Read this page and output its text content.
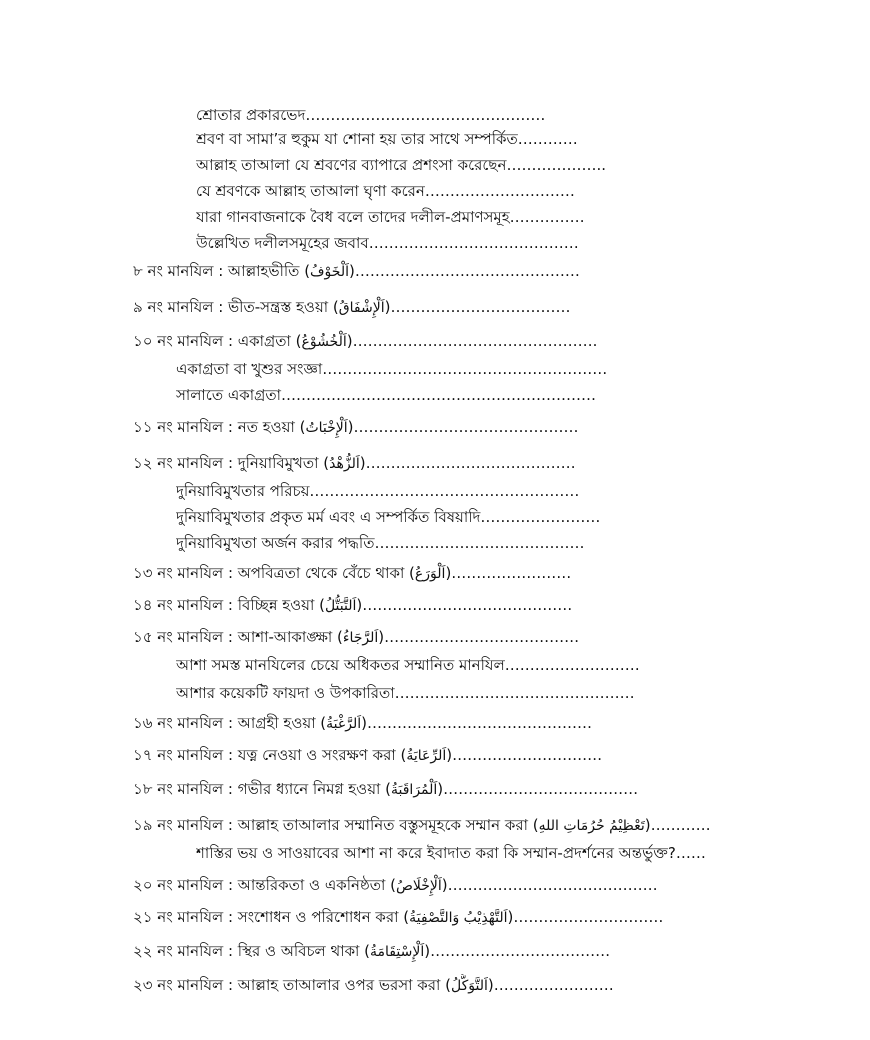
শ্রোতার প্রকারভেদ…………………………………………
শ্রবণ বা সামা’র হুকুম যা শোনা হয় তার সাথে সম্পর্কিত…………
আল্লাহ তাআলা যে শ্রবণের ব্যাপারে প্রশংসা করেছেন………………..
যে শ্রবণকে আল্লাহ তাআলা ঘৃণা করেন…………………………
যারা গানবাজনাকে বৈধ বলে তাদের দলীল-প্রমাণসমূহ……………
উল্লেখিত দলীলসমূহের জবাব……………………………………
৮ নং মানযিল : আল্লাহভীতি (اَلْخَوْفُ)………………………………………
৯ নং মানযিল : ভীত-সন্ত্রস্ত হওয়া (اَلْإِشْفَاقُ)………………………………
১০ নং মানযিল : একাগ্রতা (اَلْخُشُوْعُ)………………………………………….
একাগ্রতা বা খুশুর সংজ্ঞা…………………………………………………
সালাতে একাগ্রতা………………………………………………………
১১ নং মানযিল : নত হওয়া (اَلْإِخْبَاتُ)………………………………………
১২ নং মানযিল : দুনিয়াবিমুখতা (اَلزُّهْدُ)……………………………………
দুনিয়াবিমুখতার পরিচয়………………………………………………
দুনিয়াবিমুখতার প্রকৃত মর্ম এবং এ সম্পর্কিত বিষয়াদি……………………
দুনিয়াবিমুখতা অর্জন করার পদ্ধতি……………………………………
১৩ নং মানযিল : অপবিত্রতা থেকে বেঁচে থাকা (اَلْوَرَعُ)……………………
১৪ নং মানযিল : বিচ্ছিন্ন হওয়া (اَلتَّبَتُّلُ)……………………………………
১৫ নং মানযিল : আশা-আকাঙ্ক্ষা (اَلرَّجَاءُ)…………………………………
আশা সমস্ত মানযিলের চেয়ে অধিকতর সম্মানিত মানযিল………………………
আশার কয়েকটি ফায়দা ও উপকারিতা…………………………………………
১৬ নং মানযিল : আগ্রহী হওয়া (اَلرَّغْبَةُ)………………………………………
১৭ নং মানযিল : যত্ন নেওয়া ও সংরক্ষণ করা (اَلرِّعَايَةُ)…………………………
১৮ নং মানযিল : গভীর ধ্যানে নিমগ্ন হওয়া (اَلْمُرَاقَبَةُ)…………………………………
১৯ নং মানযিল : আল্লাহ তাআলার সম্মানিত বস্তুসমূহকে সম্মান করা (تَعْظِيْمُ حُرُمَاتِ اللهِ)…………
শাস্তির ভয় ও সাওয়াবের আশা না করে ইবাদাত করা কি সম্মান-প্রদর্শনের অন্তর্ভুক্ত?……
২০ নং মানযিল : আন্তরিকতা ও একনিষ্ঠতা (اَلْإِخْلَاصُ)……………………………………
২১ নং মানযিল : সংশোধন ও পরিশোধন করা (اَلتَّهْذِيْبُ وَالتَّصْفِيَةُ)…………………………
২২ নং মানযিল : স্থির ও অবিচল থাকা (اَلْإِسْتِقَامَةُ)………………………………
২৩ নং মানযিল : আল্লাহ তাআলার ওপর ভরসা করা (اَلتَّوَكُّلُ)……………………
